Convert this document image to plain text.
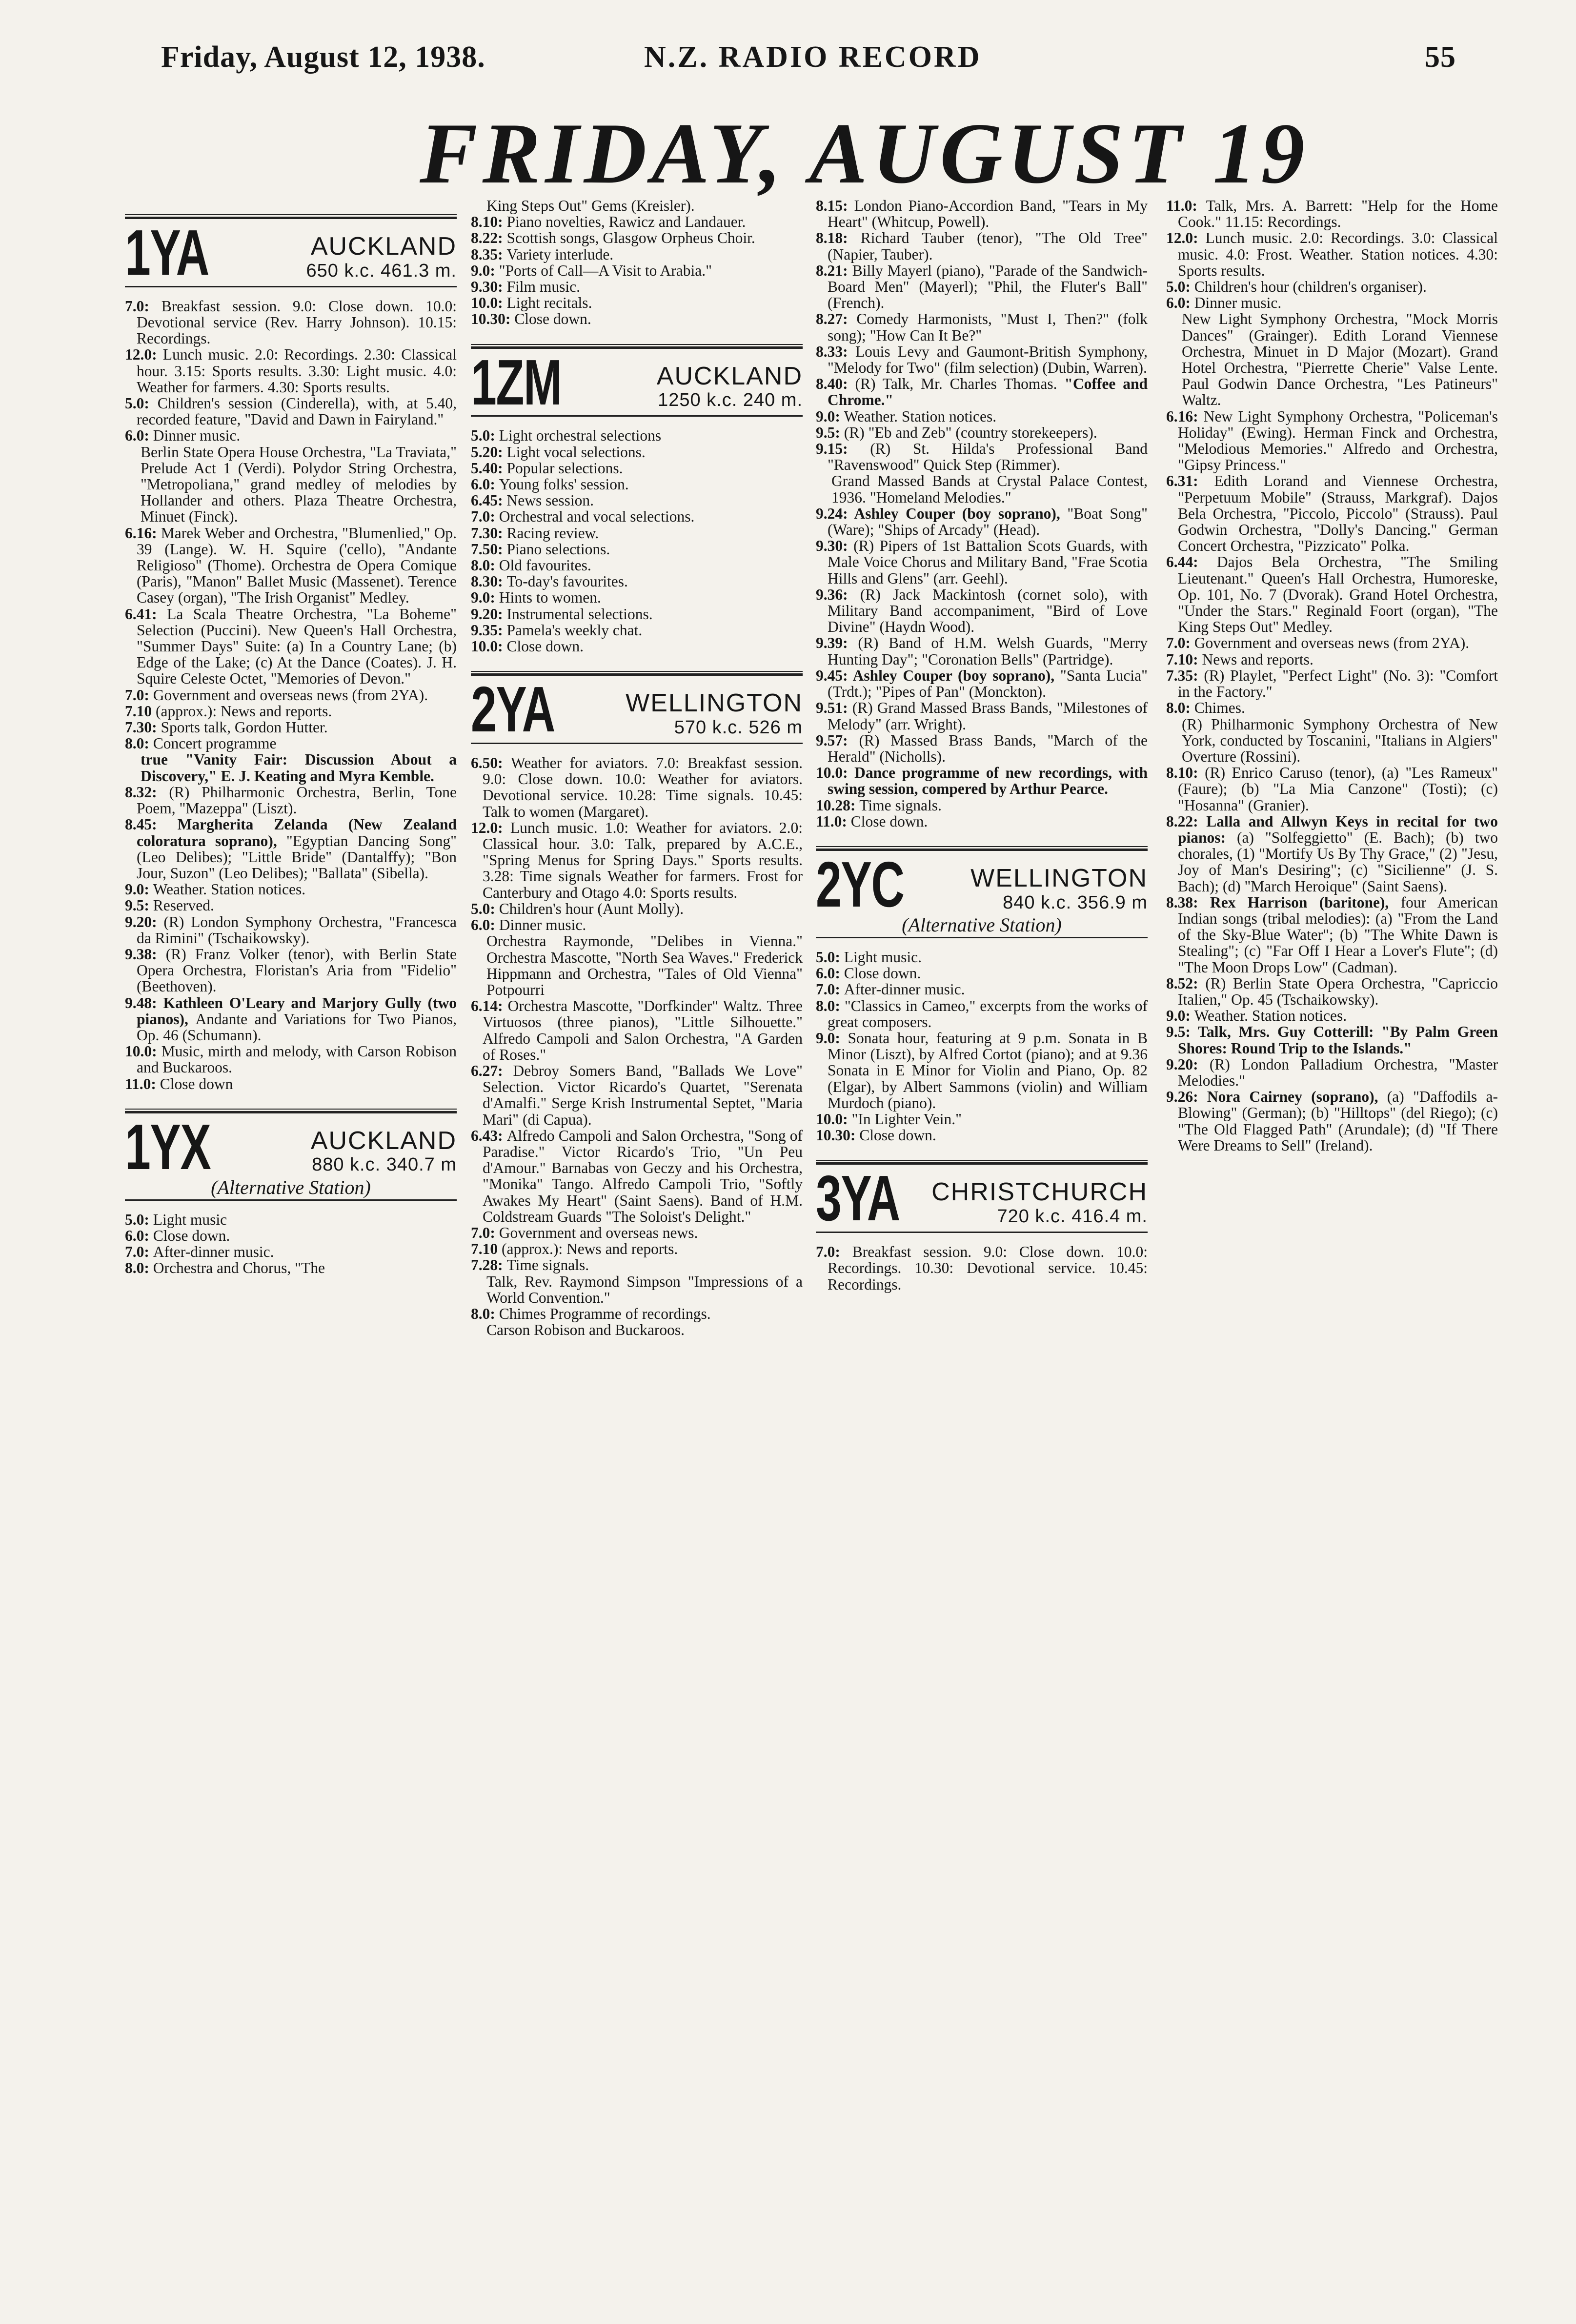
Friday, August 12, 1938.	N.Z. RADIO RECORD	55
FRIDAY, AUGUST 19
1YA	AUCKLAND
650 k.c. 461.3 m.

7.0: Breakfast session. 9.0: Close down. 10.0: Devotional service (Rev. Harry Johnson). 10.15: Recordings.

12.0: Lunch music. 2.0: Recordings. 2.30: Classical hour. 3.15: Sports results. 3.30: Light music. 4.0: Weather for farmers. 4.30: Sports results.

5.0: Children's session (Cinderella), with, at 5.40, recorded feature, "David and Dawn in Fairyland."

6.0: Dinner music.

Berlin State Opera House Orchestra, "La Traviata," Prelude Act 1 (Verdi). Polydor String Orchestra, "Metropoliana," grand medley of melodies by Hollander and others. Plaza Theatre Orchestra, Minuet (Finck).

6.16: Marek Weber and Orchestra, "Blumenlied," Op. 39 (Lange). W. H. Squire ('cello), "Andante Religioso" (Thome). Orchestra de Opera Comique (Paris), "Manon" Ballet Music (Massenet). Terence Casey (organ), "The Irish Organist" Medley.

6.41: La Scala Theatre Orchestra, "La Boheme" Selection (Puccini). New Queen's Hall Orchestra, "Summer Days" Suite: (a) In a Country Lane; (b) Edge of the Lake; (c) At the Dance (Coates). J. H. Squire Celeste Octet, "Memories of Devon."

7.0: Government and overseas news (from 2YA).

7.10 (approx.): News and reports.

7.30: Sports talk, Gordon Hutter.

8.0: Concert programme

true "Vanity Fair: Discussion About a Discovery," E. J. Keating and Myra Kemble.

8.32: (R) Philharmonic Orchestra, Berlin, Tone Poem, "Mazeppa" (Liszt).

8.45: Margherita Zelanda (New Zealand coloratura soprano), "Egyptian Dancing Song" (Leo Delibes); "Little Bride" (Dantalffy); "Bon Jour, Suzon" (Leo Delibes); "Ballata" (Sibella).

9.0: Weather. Station notices.

9.5: Reserved.

9.20: (R) London Symphony Orchestra, "Francesca da Rimini" (Tschaikowsky).

9.38: (R) Franz Volker (tenor), with Berlin State Opera Orchestra, Floristan's Aria from "Fidelio" (Beethoven).

9.48: Kathleen O'Leary and Marjory Gully (two pianos), Andante and Variations for Two Pianos, Op. 46 (Schumann).

10.0: Music, mirth and melody, with Carson Robison and Buckaroos.

11.0: Close down

1YX	AUCKLAND
880 k.c. 340.7 m
(Alternative Station)

5.0: Light music

6.0: Close down.

7.0: After-dinner music.

8.0: Orchestra and Chorus, "The

King Steps Out" Gems (Kreisler).

8.10: Piano novelties, Rawicz and Landauer.

8.22: Scottish songs, Glasgow Orpheus Choir.

8.35: Variety interlude.

9.0: "Ports of Call—A Visit to Arabia."

9.30: Film music.

10.0: Light recitals.

10.30: Close down.

1ZM	AUCKLAND
1250 k.c. 240 m.

5.0: Light orchestral selections

5.20: Light vocal selections.

5.40: Popular selections.

6.0: Young folks' session.

6.45: News session.

7.0: Orchestral and vocal selections.

7.30: Racing review.

7.50: Piano selections.

8.0: Old favourites.

8.30: To-day's favourites.

9.0: Hints to women.

9.20: Instrumental selections.

9.35: Pamela's weekly chat.

10.0: Close down.

2YA	WELLINGTON
570 k.c. 526 m

6.50: Weather for aviators. 7.0: Breakfast session. 9.0: Close down. 10.0: Weather for aviators. Devotional service. 10.28: Time signals. 10.45: Talk to women (Margaret).

12.0: Lunch music. 1.0: Weather for aviators. 2.0: Classical hour. 3.0: Talk, prepared by A.C.E., "Spring Menus for Spring Days." Sports results. 3.28: Time signals Weather for farmers. Frost for Canterbury and Otago 4.0: Sports results.

5.0: Children's hour (Aunt Molly).

6.0: Dinner music.

Orchestra Raymonde, "Delibes in Vienna." Orchestra Mascotte, "North Sea Waves." Frederick Hippmann and Orchestra, "Tales of Old Vienna" Potpourri

6.14: Orchestra Mascotte, "Dorfkinder" Waltz. Three Virtuosos (three pianos), "Little Silhouette." Alfredo Campoli and Salon Orchestra, "A Garden of Roses."

6.27: Debroy Somers Band, "Ballads We Love" Selection. Victor Ricardo's Quartet, "Serenata d'Amalfi." Serge Krish Instrumental Septet, "Maria Mari" (di Capua).

6.43: Alfredo Campoli and Salon Orchestra, "Song of Paradise." Victor Ricardo's Trio, "Un Peu d'Amour." Barnabas von Geczy and his Orchestra, "Monika" Tango. Alfredo Campoli Trio, "Softly Awakes My Heart" (Saint Saens). Band of H.M. Coldstream Guards "The Soloist's Delight."

7.0: Government and overseas news.

7.10 (approx.): News and reports.

7.28: Time signals.

Talk, Rev. Raymond Simpson "Impressions of a World Convention."

8.0: Chimes Programme of recordings.

Carson Robison and Buckaroos.

8.15: London Piano-Accordion Band, "Tears in My Heart" (Whitcup, Powell).

8.18: Richard Tauber (tenor), "The Old Tree" (Napier, Tauber).

8.21: Billy Mayerl (piano), "Parade of the Sandwich-Board Men" (Mayerl); "Phil, the Fluter's Ball" (French).

8.27: Comedy Harmonists, "Must I, Then?" (folk song); "How Can It Be?"

8.33: Louis Levy and Gaumont-British Symphony, "Melody for Two" (film selection) (Dubin, Warren).

8.40: (R) Talk, Mr. Charles Thomas. "Coffee and Chrome."

9.0: Weather. Station notices.

9.5: (R) "Eb and Zeb" (country storekeepers).

9.15: (R) St. Hilda's Professional Band "Ravenswood" Quick Step (Rimmer).

Grand Massed Bands at Crystal Palace Contest, 1936. "Homeland Melodies."

9.24: Ashley Couper (boy soprano), "Boat Song" (Ware); "Ships of Arcady" (Head).

9.30: (R) Pipers of 1st Battalion Scots Guards, with Male Voice Chorus and Military Band, "Frae Scotia Hills and Glens" (arr. Geehl).

9.36: (R) Jack Mackintosh (cornet solo), with Military Band accompaniment, "Bird of Love Divine" (Haydn Wood).

9.39: (R) Band of H.M. Welsh Guards, "Merry Hunting Day"; "Coronation Bells" (Partridge).

9.45: Ashley Couper (boy soprano), "Santa Lucia" (Trdt.); "Pipes of Pan" (Monckton).

9.51: (R) Grand Massed Brass Bands, "Milestones of Melody" (arr. Wright).

9.57: (R) Massed Brass Bands, "March of the Herald" (Nicholls).

10.0: Dance programme of new recordings, with swing session, compered by Arthur Pearce.

10.28: Time signals.

11.0: Close down.

2YC	WELLINGTON
840 k.c. 356.9 m
(Alternative Station)

5.0: Light music.

6.0: Close down.

7.0: After-dinner music.

8.0: "Classics in Cameo," excerpts from the works of great composers.

9.0: Sonata hour, featuring at 9 p.m. Sonata in B Minor (Liszt), by Alfred Cortot (piano); and at 9.36 Sonata in E Minor for Violin and Piano, Op. 82 (Elgar), by Albert Sammons (violin) and William Murdoch (piano).

10.0: "In Lighter Vein."

10.30: Close down.

3YA	CHRISTCHURCH
720 k.c. 416.4 m.

7.0: Breakfast session. 9.0: Close down. 10.0: Recordings. 10.30: Devotional service. 10.45: Recordings.

11.0: Talk, Mrs. A. Barrett: "Help for the Home Cook." 11.15: Recordings.

12.0: Lunch music. 2.0: Recordings. 3.0: Classical music. 4.0: Frost. Weather. Station notices. 4.30: Sports results.

5.0: Children's hour (children's organiser).

6.0: Dinner music.

New Light Symphony Orchestra, "Mock Morris Dances" (Grainger). Edith Lorand Viennese Orchestra, Minuet in D Major (Mozart). Grand Hotel Orchestra, "Pierrette Cherie" Valse Lente. Paul Godwin Dance Orchestra, "Les Patineurs" Waltz.

6.16: New Light Symphony Orchestra, "Policeman's Holiday" (Ewing). Herman Finck and Orchestra, "Melodious Memories." Alfredo and Orchestra, "Gipsy Princess."

6.31: Edith Lorand and Viennese Orchestra, "Perpetuum Mobile" (Strauss, Markgraf). Dajos Bela Orchestra, "Piccolo, Piccolo" (Strauss). Paul Godwin Orchestra, "Dolly's Dancing." German Concert Orchestra, "Pizzicato" Polka.

6.44: Dajos Bela Orchestra, "The Smiling Lieutenant." Queen's Hall Orchestra, Humoreske, Op. 101, No. 7 (Dvorak). Grand Hotel Orchestra, "Under the Stars." Reginald Foort (organ), "The King Steps Out" Medley.

7.0: Government and overseas news (from 2YA).

7.10: News and reports.

7.35: (R) Playlet, "Perfect Light" (No. 3): "Comfort in the Factory."

8.0: Chimes.

(R) Philharmonic Symphony Orchestra of New York, conducted by Toscanini, "Italians in Algiers" Overture (Rossini).

8.10: (R) Enrico Caruso (tenor), (a) "Les Rameux" (Faure); (b) "La Mia Canzone" (Tosti); (c) "Hosanna" (Granier).

8.22: Lalla and Allwyn Keys in recital for two pianos: (a) "Solfeggietto" (E. Bach); (b) two chorales, (1) "Mortify Us By Thy Grace," (2) "Jesu, Joy of Man's Desiring"; (c) "Sicilienne" (J. S. Bach); (d) "March Heroique" (Saint Saens).

8.38: Rex Harrison (baritone), four American Indian songs (tribal melodies): (a) "From the Land of the Sky-Blue Water"; (b) "The White Dawn is Stealing"; (c) "Far Off I Hear a Lover's Flute"; (d) "The Moon Drops Low" (Cadman).

8.52: (R) Berlin State Opera Orchestra, "Capriccio Italien," Op. 45 (Tschaikowsky).

9.0: Weather. Station notices.

9.5: Talk, Mrs. Guy Cotterill: "By Palm Green Shores: Round Trip to the Islands."

9.20: (R) London Palladium Orchestra, "Master Melodies."

9.26: Nora Cairney (soprano), (a) "Daffodils a-Blowing" (German); (b) "Hilltops" (del Riego); (c) "The Old Flagged Path" (Arundale); (d) "If There Were Dreams to Sell" (Ireland).
